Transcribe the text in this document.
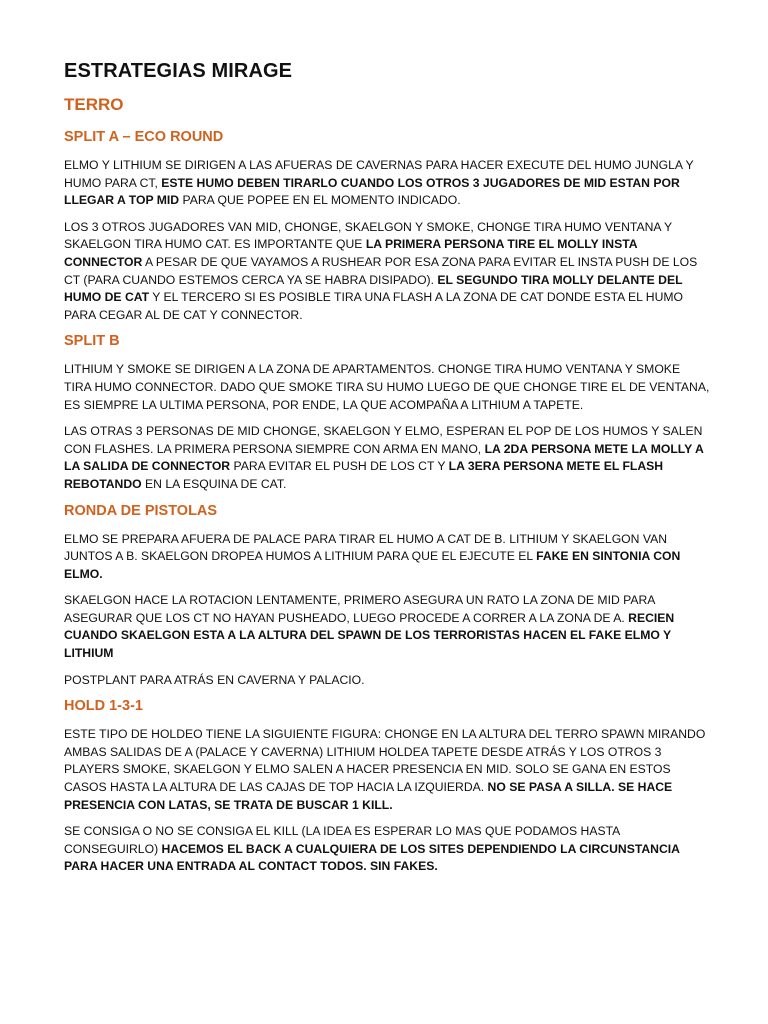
ESTRATEGIAS MIRAGE
TERRO
SPLIT A – ECO ROUND

ELMO Y LITHIUM SE DIRIGEN A LAS AFUERAS DE CAVERNAS PARA HACER EXECUTE DEL HUMO JUNGLA Y HUMO PARA CT, ESTE HUMO DEBEN TIRARLO CUANDO LOS OTROS 3 JUGADORES DE MID ESTAN POR LLEGAR A TOP MID PARA QUE POPEE EN EL MOMENTO INDICADO.

LOS 3 OTROS JUGADORES VAN MID, CHONGE, SKAELGON Y SMOKE, CHONGE TIRA HUMO VENTANA Y SKAELGON TIRA HUMO CAT. ES IMPORTANTE QUE LA PRIMERA PERSONA TIRE EL MOLLY INSTA CONNECTOR A PESAR DE QUE VAYAMOS A RUSHEAR POR ESA ZONA PARA EVITAR EL INSTA PUSH DE LOS CT (PARA CUANDO ESTEMOS CERCA YA SE HABRA DISIPADO). EL SEGUNDO TIRA MOLLY DELANTE DEL HUMO DE CAT Y EL TERCERO SI ES POSIBLE TIRA UNA FLASH A LA ZONA DE CAT DONDE ESTA EL HUMO PARA CEGAR AL DE CAT Y CONNECTOR.

SPLIT B

LITHIUM Y SMOKE SE DIRIGEN A LA ZONA DE APARTAMENTOS. CHONGE TIRA HUMO VENTANA Y SMOKE TIRA HUMO CONNECTOR. DADO QUE SMOKE TIRA SU HUMO LUEGO DE QUE CHONGE TIRE EL DE VENTANA, ES SIEMPRE LA ULTIMA PERSONA, POR ENDE, LA QUE ACOMPAÑA A LITHIUM A TAPETE.

LAS OTRAS 3 PERSONAS DE MID CHONGE, SKAELGON Y ELMO, ESPERAN EL POP DE LOS HUMOS Y SALEN CON FLASHES. LA PRIMERA PERSONA SIEMPRE CON ARMA EN MANO, LA 2DA PERSONA METE LA MOLLY A LA SALIDA DE CONNECTOR PARA EVITAR EL PUSH DE LOS CT Y LA 3ERA PERSONA METE EL FLASH REBOTANDO EN LA ESQUINA DE CAT.

RONDA DE PISTOLAS

ELMO SE PREPARA AFUERA DE PALACE PARA TIRAR EL HUMO A CAT DE B. LITHIUM Y SKAELGON VAN JUNTOS A B. SKAELGON DROPEA HUMOS A LITHIUM PARA QUE EL EJECUTE EL FAKE EN SINTONIA CON ELMO.

SKAELGON HACE LA ROTACION LENTAMENTE, PRIMERO ASEGURA UN RATO LA ZONA DE MID PARA ASEGURAR QUE LOS CT NO HAYAN PUSHEADO, LUEGO PROCEDE A CORRER A LA ZONA DE A. RECIEN CUANDO SKAELGON ESTA A LA ALTURA DEL SPAWN DE LOS TERRORISTAS HACEN EL FAKE ELMO Y LITHIUM

POSTPLANT PARA ATRÁS EN CAVERNA Y PALACIO.

HOLD 1-3-1

ESTE TIPO DE HOLDEO TIENE LA SIGUIENTE FIGURA: CHONGE EN LA ALTURA DEL TERRO SPAWN MIRANDO AMBAS SALIDAS DE A (PALACE Y CAVERNA) LITHIUM HOLDEA TAPETE DESDE ATRÁS Y LOS OTROS 3 PLAYERS SMOKE, SKAELGON Y ELMO SALEN A HACER PRESENCIA EN MID. SOLO SE GANA EN ESTOS CASOS HASTA LA ALTURA DE LAS CAJAS DE TOP HACIA LA IZQUIERDA. NO SE PASA A SILLA. SE HACE PRESENCIA CON LATAS, SE TRATA DE BUSCAR 1 KILL.

SE CONSIGA O NO SE CONSIGA EL KILL (LA IDEA ES ESPERAR LO MAS QUE PODAMOS HASTA CONSEGUIRLO) HACEMOS EL BACK A CUALQUIERA DE LOS SITES DEPENDIENDO LA CIRCUNSTANCIA PARA HACER UNA ENTRADA AL CONTACT TODOS. SIN FAKES.
